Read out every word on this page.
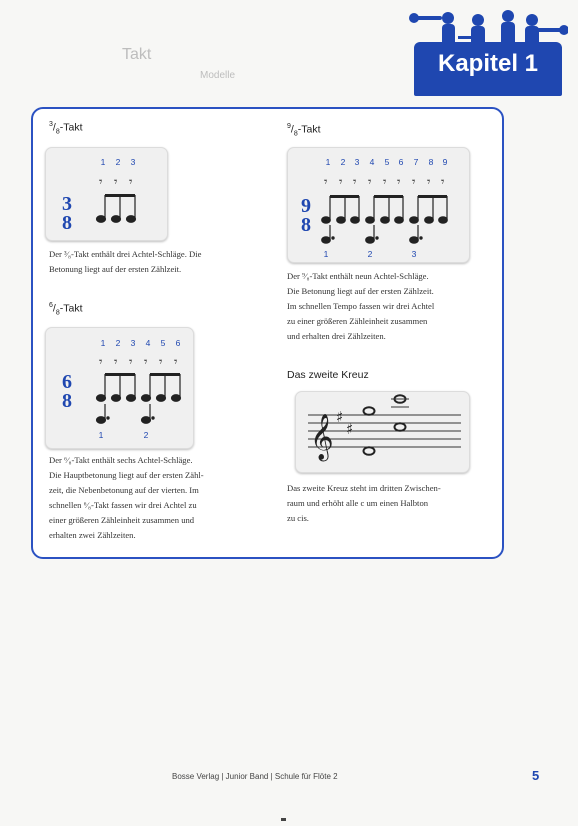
Takt
Modelle	Kapitel 1
$^3/_8$-Takt
3
8
1 2 3
𝄾 𝄾 𝄾
Der ³⁄₈-Takt enthält drei Achtel-Schläge. Die
Betonung liegt auf der ersten Zählzeit.
$^6/_8$-Takt
6
8
1 2 3 4 5 6
𝄾 𝄾 𝄾 𝄾 𝄾 𝄾
1	2
Der ⁶⁄₈-Takt enthält sechs Achtel-Schläge.
Die Hauptbetonung liegt auf der ersten Zähl-
zeit, die Nebenbetonung auf der vierten. Im
schnellen ⁶⁄₈-Takt fassen wir drei Achtel zu
einer größeren Zähleinheit zusammen und
erhalten zwei Zählzeiten.
$^9/_8$-Takt
9
8
1 2 3 4 5 6 7 8 9
𝄾 𝄾 𝄾 𝄾 𝄾 𝄾 𝄾 𝄾 𝄾
1	2	3
Der ⁹⁄₈-Takt enthält neun Achtel-Schläge.
Die Betonung liegt auf der ersten Zählzeit.
Im schnellen Tempo fassen wir drei Achtel
zu einer größeren Zähleinheit zusammen
und erhalten drei Zählzeiten.
Das zweite Kreuz
𝄞 ♯
♯
Das zweite Kreuz steht im dritten Zwischen-
raum und erhöht alle c um einen Halbton
zu cis.
Bosse Verlag | Junior Band | Schule für Flöte 2	5
